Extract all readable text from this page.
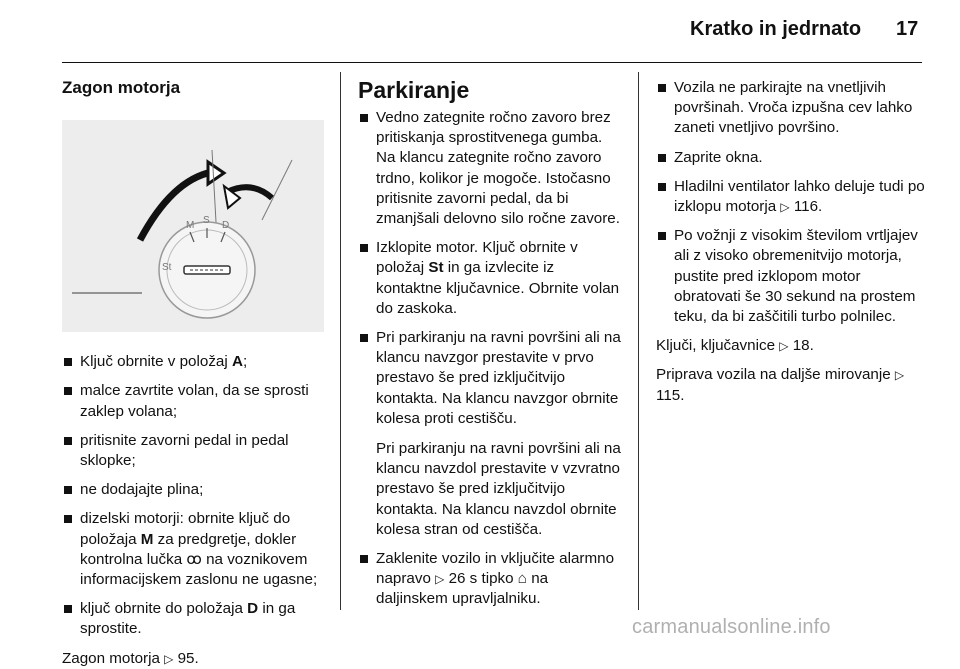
Kratko in jedrnato 17

Zagon motorja

M S D
St
Ključ obrnite v položaj A;
malce zavrtite volan, da se sprosti zaklep volana;
pritisnite zavorni pedal in pedal sklopke;
ne dodajajte plina;
dizelski motorji: obrnite ključ do položaja M za predgretje, dokler kontrolna lučka ꝏ na voznikovem informacijskem zaslonu ne ugasne;
ključ obrnite do položaja D in ga sprostite.

Zagon motorja ▷ 95.

Parkiranje

Vedno zategnite ročno zavoro brez pritiskanja sprostitvenega gumba. Na klancu zategnite ročno zavoro trdno, kolikor je mogoče. Istočasno pritisnite zavorni pedal, da bi zmanjšali delovno silo ročne zavore.
Izklopite motor. Ključ obrnite v položaj St in ga izvlecite iz kontaktne ključavnice. Obrnite volan do zaskoka.
Pri parkiranju na ravni površini ali na klancu navzgor prestavite v prvo prestavo še pred izključitvijo kontakta. Na klancu navzgor obrnite kolesa proti cestišču.
Pri parkiranju na ravni površini ali na klancu navzdol prestavite v vzvratno prestavo še pred izključitvijo kontakta. Na klancu navzdol obrnite kolesa stran od cestišča.
Zaklenite vozilo in vključite alarmno napravo ▷ 26 s tipko ⌂ na daljinskem upravljalniku.
Vozila ne parkirajte na vnetljivih površinah. Vroča izpušna cev lahko zaneti vnetljivo površino.
Zaprite okna.
Hladilni ventilator lahko deluje tudi po izklopu motorja ▷ 116.
Po vožnji z visokim številom vrtljajev ali z visoko obremenitvijo motorja, pustite pred izklopom motor obratovati še 30 sekund na prostem teku, da bi zaščitili turbo polnilec.

Ključi, ključavnice ▷ 18.

Priprava vozila na daljše mirovanje ▷ 115.

carmanualsonline.info
